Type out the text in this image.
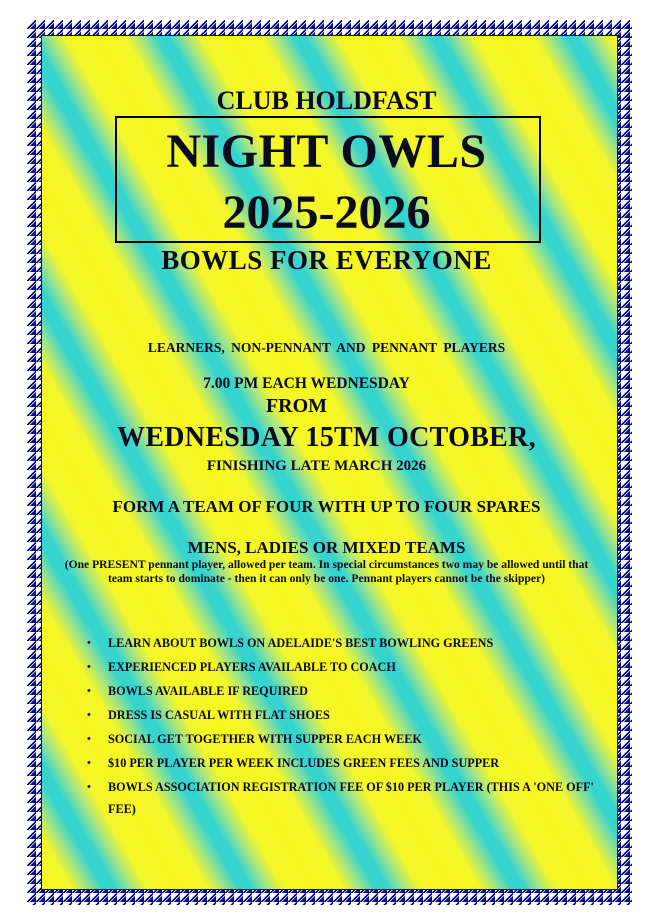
CLUB HOLDFAST
NIGHT OWLS
2025-2026
BOWLS FOR EVERYONE
LEARNERS, NON-PENNANT AND PENNANT PLAYERS
7.00 PM EACH WEDNESDAY
FROM
WEDNESDAY 15TM OCTOBER,
FINISHING LATE MARCH 2026
FORM A TEAM OF FOUR WITH UP TO FOUR SPARES
MENS, LADIES OR MIXED TEAMS
(One PRESENT pennant player, allowed per team. In special circumstances two may be allowed until that team starts to dominate - then it can only be one. Pennant players cannot be the skipper)
• LEARN ABOUT BOWLS ON ADELAIDE'S BEST BOWLING GREENS
• EXPERIENCED PLAYERS AVAILABLE TO COACH
• BOWLS AVAILABLE IF REQUIRED
• DRESS IS CASUAL WITH FLAT SHOES
• SOCIAL GET TOGETHER WITH SUPPER EACH WEEK
• $10 PER PLAYER PER WEEK INCLUDES GREEN FEES AND SUPPER
• BOWLS ASSOCIATION REGISTRATION FEE OF $10 PER PLAYER (THIS A 'ONE OFF' FEE)
